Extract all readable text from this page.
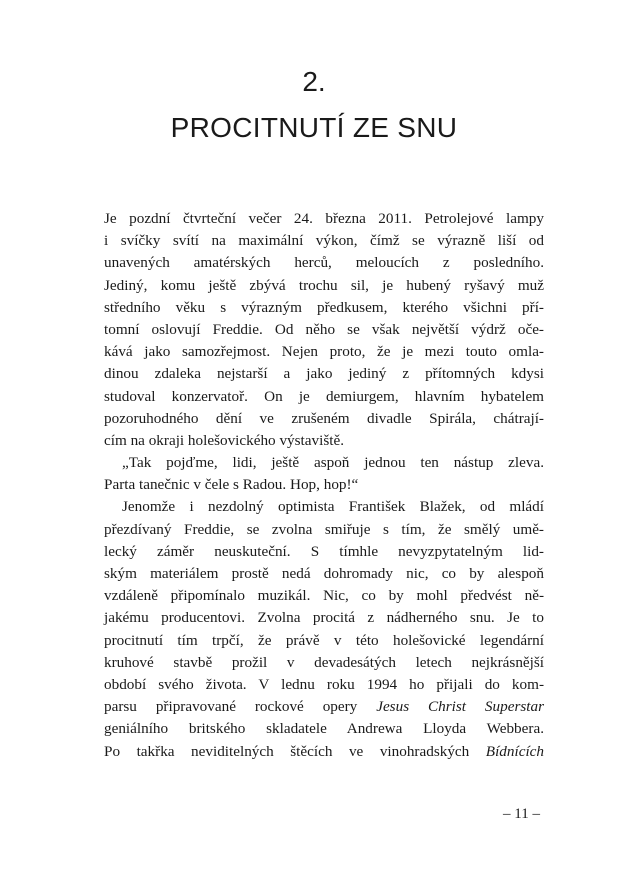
2.
PROCITNUTÍ ZE SNU
Je pozdní čtvrteční večer 24. března 2011. Petrolejové lampy
i svíčky svítí na maximální výkon, čímž se výrazně liší od
unavených amatérských herců, meloucích z posledního.
Jediný, komu ještě zbývá trochu sil, je hubený ryšavý muž
středního věku s výrazným předkusem, kterého všichni pří-
tomní oslovují Freddie. Od něho se však největší výdrž oče-
kává jako samozřejmost. Nejen proto, že je mezi touto omla-
dinou zdaleka nejstarší a jako jediný z přítomných kdysi
studoval konzervatoř. On je demiurgem, hlavním hybatelem
pozoruhodného dění ve zrušeném divadle Spirála, chátrají-
cím na okraji holešovického výstaviště.
„Tak pojďme, lidi, ještě aspoň jednou ten nástup zleva.
Parta tanečnic v čele s Radou. Hop, hop!“
Jenomže i nezdolný optimista František Blažek, od mládí
přezdívaný Freddie, se zvolna smiřuje s tím, že smělý umě-
lecký záměr neuskuteční. S tímhle nevyzpytatelným lid-
ským materiálem prostě nedá dohromady nic, co by alespoň
vzdáleně připomínalo muzikál. Nic, co by mohl předvést ně-
jakému producentovi. Zvolna procitá z nádherného snu. Je to
procitnutí tím trpčí, že právě v této holešovické legendární
kruhové stavbě prožil v devadesátých letech nejkrásnější
období svého života. V lednu roku 1994 ho přijali do kom-
parsu připravované rockové opery Jesus Christ Superstar
geniálního britského skladatele Andrewa Lloyda Webbera.
Po takřka neviditelných štěcích ve vinohradských Bídnících
– 11 –
